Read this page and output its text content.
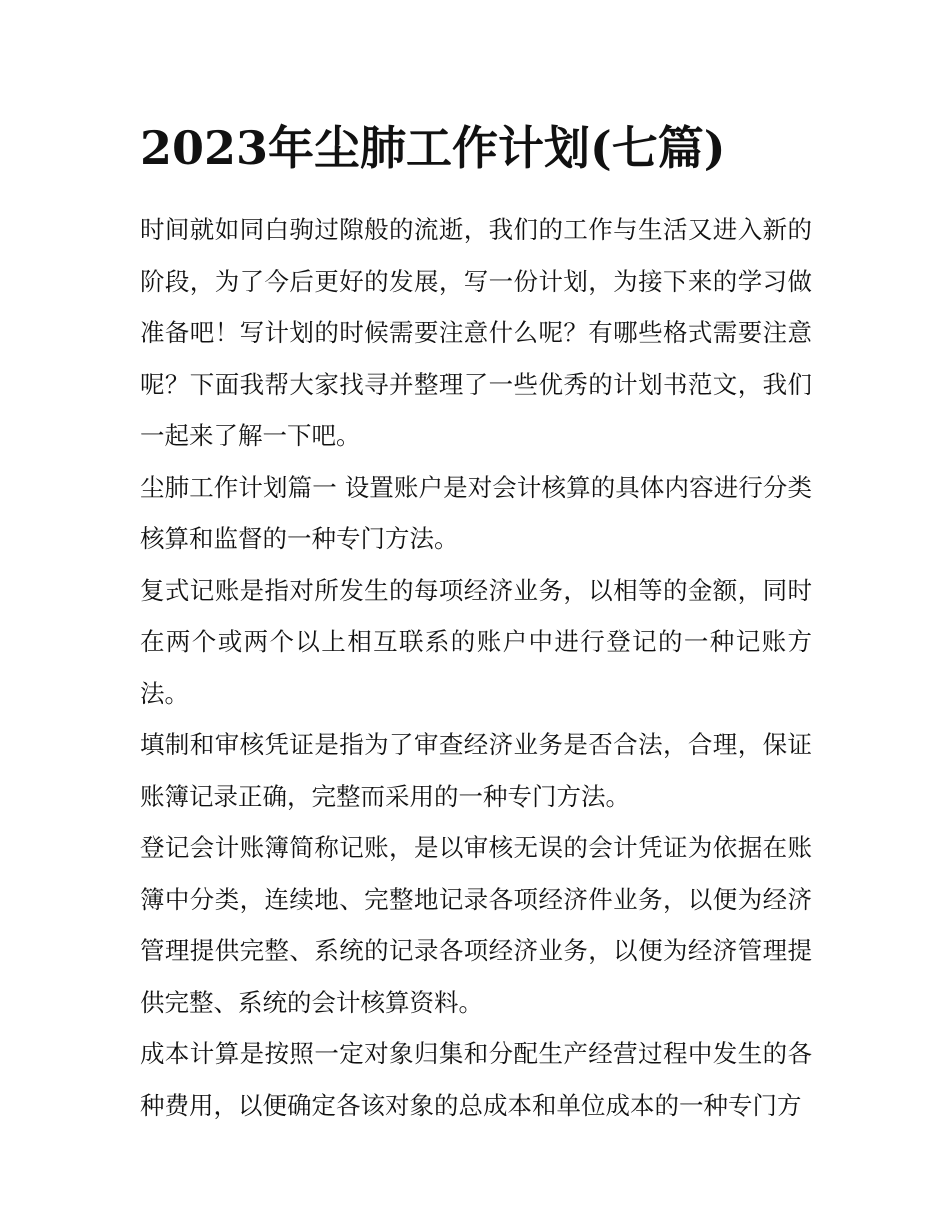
2023年尘肺工作计划(七篇)

时间就如同白驹过隙般的流逝，我们的工作与生活又进入新的阶段，为了今后更好的发展，写一份计划，为接下来的学习做准备吧！写计划的时候需要注意什么呢？有哪些格式需要注意呢？下面我帮大家找寻并整理了一些优秀的计划书范文，我们一起来了解一下吧。

尘肺工作计划篇一 设置账户是对会计核算的具体内容进行分类核算和监督的一种专门方法。

复式记账是指对所发生的每项经济业务，以相等的金额，同时在两个或两个以上相互联系的账户中进行登记的一种记账方法。

填制和审核凭证是指为了审查经济业务是否合法，合理，保证账簿记录正确，完整而采用的一种专门方法。

登记会计账簿简称记账，是以审核无误的会计凭证为依据在账簿中分类，连续地、完整地记录各项经济件业务，以便为经济管理提供完整、系统的记录各项经济业务，以便为经济管理提供完整、系统的会计核算资料。

成本计算是按照一定对象归集和分配生产经营过程中发生的各种费用，以便确定各该对象的总成本和单位成本的一种专门方
